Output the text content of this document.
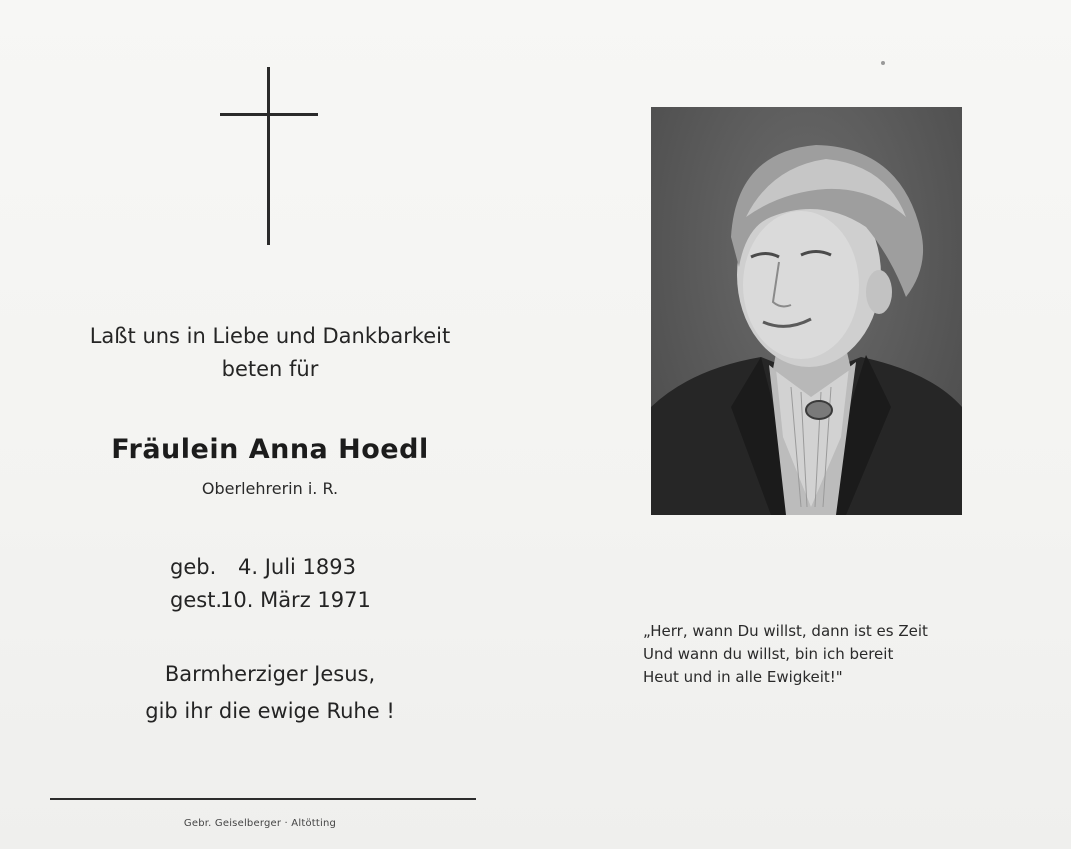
Laßt uns in Liebe und Dankbarkeit
beten für
Fräulein Anna Hoedl
Oberlehrerin i. R.
geb. 4. Juli 1893
gest.10. März 1971
Barmherziger Jesus,
gib ihr die ewige Ruhe !
Gebr. Geiselberger · Altötting
„Herr, wann Du willst, dann ist es Zeit
Und wann du willst, bin ich bereit
Heut und in alle Ewigkeit!"
